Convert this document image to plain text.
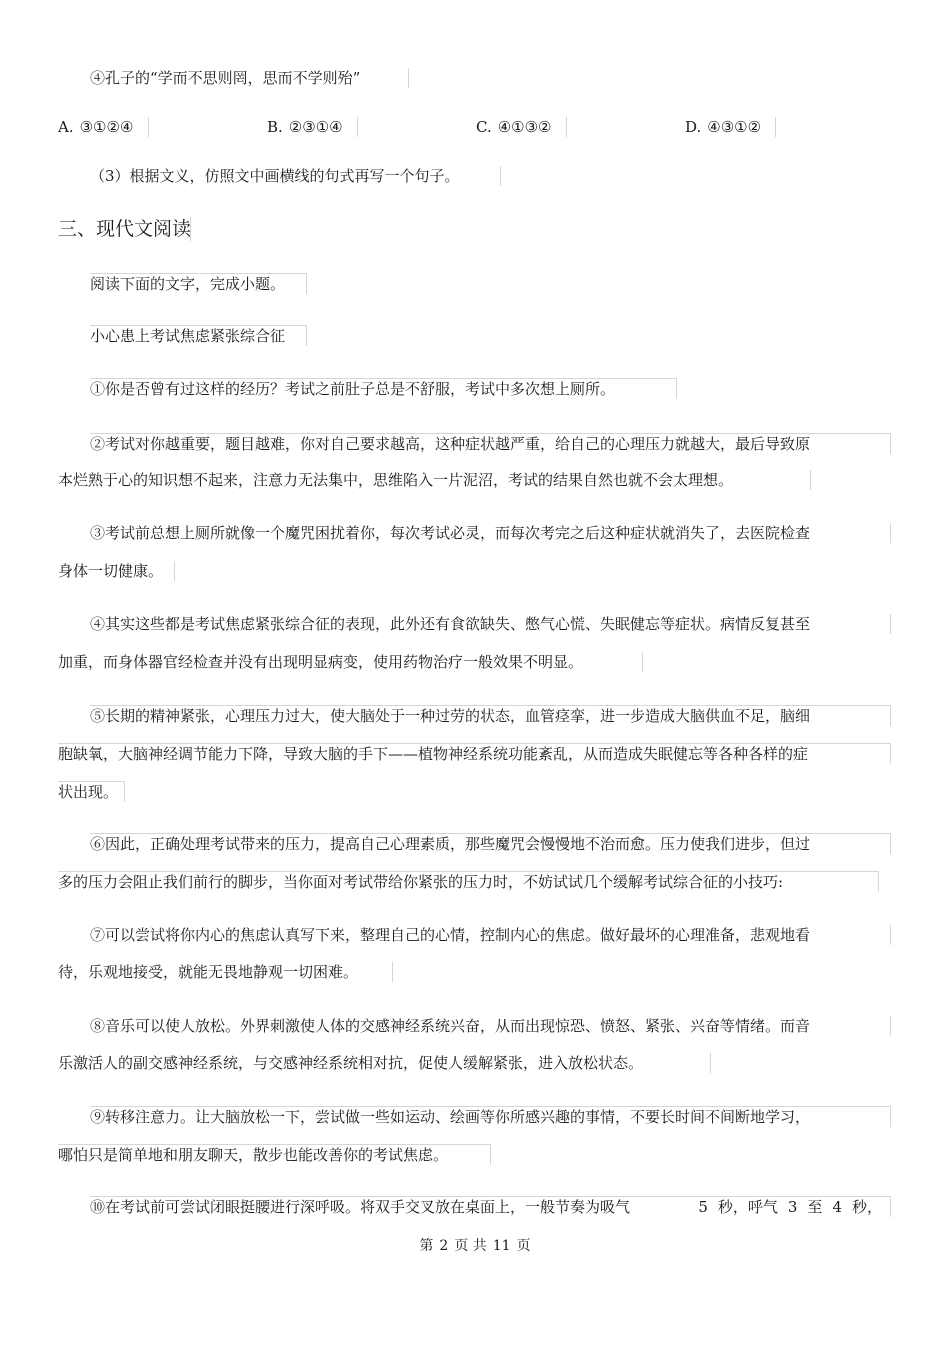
④孔子的“学而不思则罔，思而不学则殆”
A. ③①②④	B. ②③①④	C. ④①③②	D. ④③①②
（3）根据文义，仿照文中画横线的句式再写一个句子。
三、现代文阅读
阅读下面的文字，完成小题。
小心患上考试焦虑紧张综合征
①你是否曾有过这样的经历？考试之前肚子总是不舒服，考试中多次想上厕所。
②考试对你越重要，题目越难，你对自己要求越高，这种症状越严重，给自己的心理压力就越大，最后导致原
本烂熟于心的知识想不起来，注意力无法集中，思维陷入一片泥沼，考试的结果自然也就不会太理想。
③考试前总想上厕所就像一个魔咒困扰着你，每次考试必灵，而每次考完之后这种症状就消失了，去医院检查
身体一切健康。
④其实这些都是考试焦虑紧张综合征的表现，此外还有食欲缺失、憋气心慌、失眠健忘等症状。病情反复甚至
加重，而身体器官经检查并没有出现明显病变，使用药物治疗一般效果不明显。
⑤长期的精神紧张，心理压力过大，使大脑处于一种过劳的状态，血管痉挛，进一步造成大脑供血不足，脑细
胞缺氧，大脑神经调节能力下降，导致大脑的手下——植物神经系统功能紊乱，从而造成失眠健忘等各种各样的症
状出现。
⑥因此，正确处理考试带来的压力，提高自己心理素质，那些魔咒会慢慢地不治而愈。压力使我们进步，但过
多的压力会阻止我们前行的脚步，当你面对考试带给你紧张的压力时，不妨试试几个缓解考试综合征的小技巧:
⑦可以尝试将你内心的焦虑认真写下来，整理自己的心情，控制内心的焦虑。做好最坏的心理准备，悲观地看
待，乐观地接受，就能无畏地静观一切困难。
⑧音乐可以使人放松。外界刺激使人体的交感神经系统兴奋，从而出现惊恐、愤怒、紧张、兴奋等情绪。而音
乐激活人的副交感神经系统，与交感神经系统相对抗，促使人缓解紧张，进入放松状态。
⑨转移注意力。让大脑放松一下，尝试做一些如运动、绘画等你所感兴趣的事情，不要长时间不间断地学习，
哪怕只是简单地和朋友聊天，散步也能改善你的考试焦虑。
⑩在考试前可尝试闭眼挺腰进行深呼吸。将双手交叉放在桌面上，一般节奏为吸气	5 秒，呼气 3 至 4 秒，
第 2 页 共 11 页
